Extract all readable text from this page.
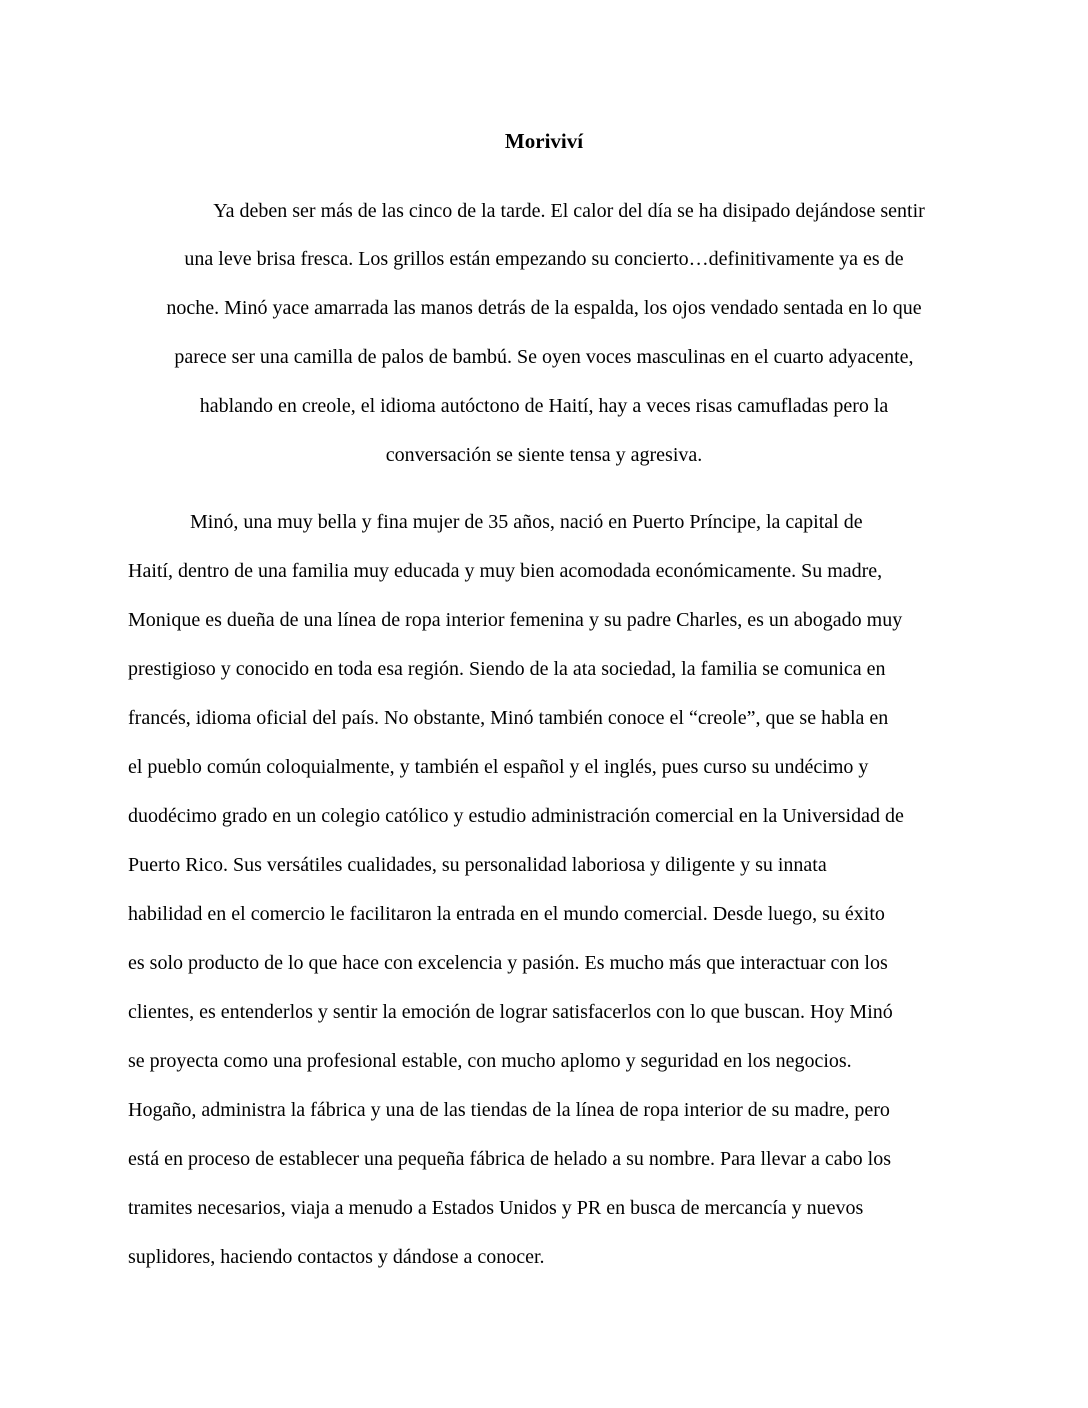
Moriviví

Ya deben ser más de las cinco de la tarde. El calor del día se ha disipado dejándose sentir

una leve brisa fresca. Los grillos están empezando su concierto…definitivamente ya es de

noche. Minó yace amarrada las manos detrás de la espalda, los ojos vendado sentada en lo que

parece ser una camilla de palos de bambú. Se oyen voces masculinas en el cuarto adyacente,

hablando en creole, el idioma autóctono de Haití, hay a veces risas camufladas pero la

conversación se siente tensa y agresiva.

Minó, una muy bella y fina mujer de 35 años, nació en Puerto Príncipe, la capital de

Haití, dentro de una familia muy educada y muy bien acomodada económicamente. Su madre,

Monique es dueña de una línea de ropa interior femenina y su padre Charles, es un abogado muy

prestigioso y conocido en toda esa región. Siendo de la ata sociedad, la familia se comunica en

francés, idioma oficial del país. No obstante, Minó también conoce el “creole”, que se habla en

el pueblo común coloquialmente, y también el español y el inglés, pues curso su undécimo y

duodécimo grado en un colegio católico y estudio administración comercial en la Universidad de

Puerto Rico. Sus versátiles cualidades, su personalidad laboriosa y diligente y su innata

habilidad en el comercio le facilitaron la entrada en el mundo comercial. Desde luego, su éxito

es solo producto de lo que hace con excelencia y pasión. Es mucho más que interactuar con los

clientes, es entenderlos y sentir la emoción de lograr satisfacerlos con lo que buscan. Hoy Minó

se proyecta como una profesional estable, con mucho aplomo y seguridad en los negocios.

Hogaño, administra la fábrica y una de las tiendas de la línea de ropa interior de su madre, pero

está en proceso de establecer una pequeña fábrica de helado a su nombre. Para llevar a cabo los

tramites necesarios, viaja a menudo a Estados Unidos y PR en busca de mercancía y nuevos

suplidores, haciendo contactos y dándose a conocer.
